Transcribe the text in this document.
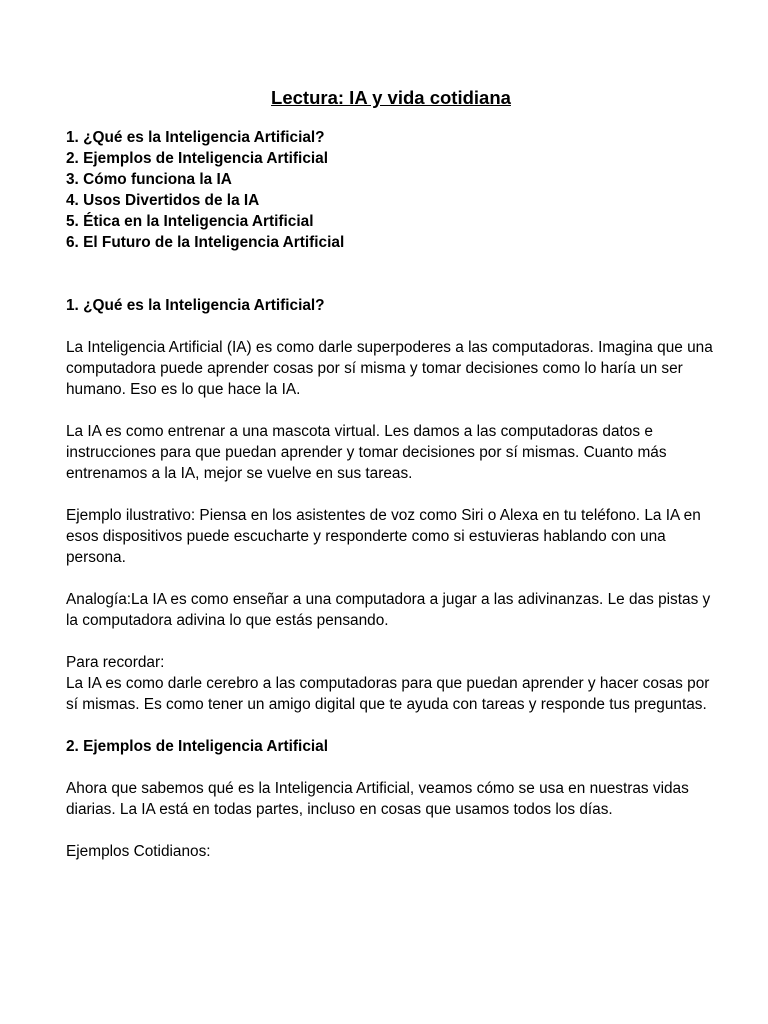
Lectura: IA y vida cotidiana
1. ¿Qué es la Inteligencia Artificial?
2. Ejemplos de Inteligencia Artificial
3. Cómo funciona la IA
4. Usos Divertidos de la IA
5. Ética en la Inteligencia Artificial
6. El Futuro de la Inteligencia Artificial
1. ¿Qué es la Inteligencia Artificial?

La Inteligencia Artificial (IA) es como darle superpoderes a las computadoras. Imagina que una computadora puede aprender cosas por sí misma y tomar decisiones como lo haría un ser humano. Eso es lo que hace la IA.

La IA es como entrenar a una mascota virtual. Les damos a las computadoras datos e instrucciones para que puedan aprender y tomar decisiones por sí mismas. Cuanto más entrenamos a la IA, mejor se vuelve en sus tareas.

Ejemplo ilustrativo: Piensa en los asistentes de voz como Siri o Alexa en tu teléfono. La IA en esos dispositivos puede escucharte y responderte como si estuvieras hablando con una persona.

Analogía:La IA es como enseñar a una computadora a jugar a las adivinanzas. Le das pistas y la computadora adivina lo que estás pensando.

Para recordar:

La IA es como darle cerebro a las computadoras para que puedan aprender y hacer cosas por sí mismas. Es como tener un amigo digital que te ayuda con tareas y responde tus preguntas.

2. Ejemplos de Inteligencia Artificial

Ahora que sabemos qué es la Inteligencia Artificial, veamos cómo se usa en nuestras vidas diarias. La IA está en todas partes, incluso en cosas que usamos todos los días.

Ejemplos Cotidianos:
